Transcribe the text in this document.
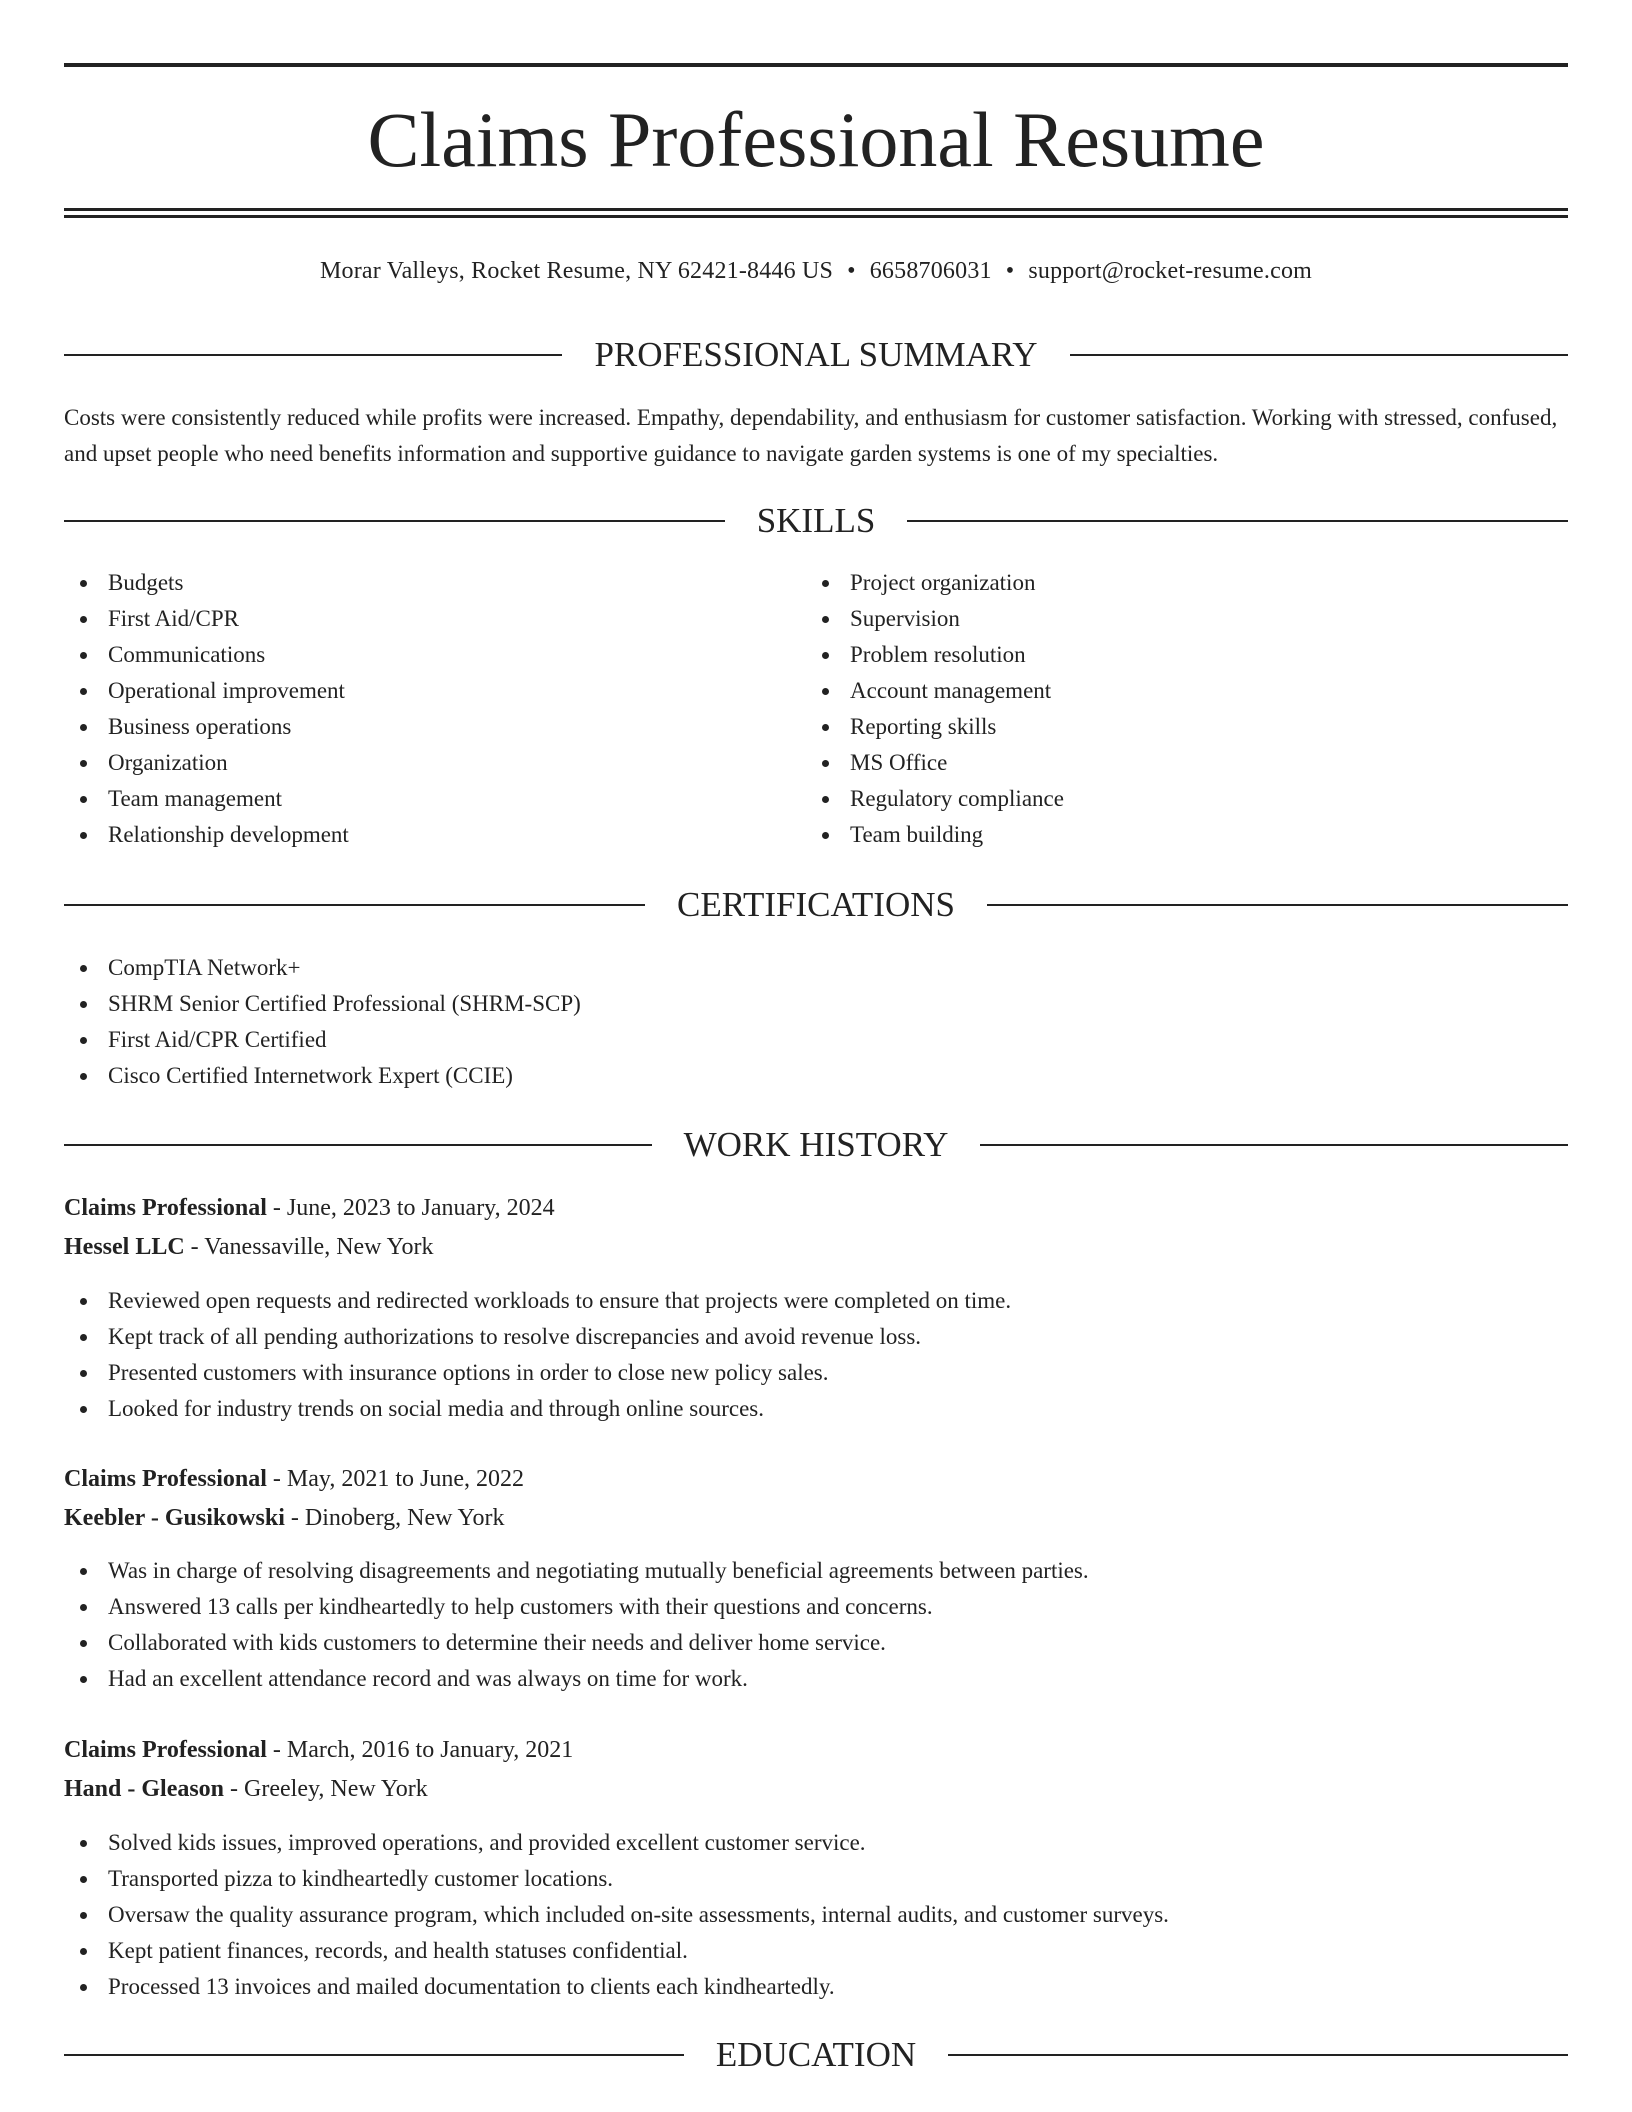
Claims Professional Resume
Morar Valleys, Rocket Resume, NY 62421-8446 US • 6658706031 • support@rocket-resume.com
PROFESSIONAL SUMMARY

Costs were consistently reduced while profits were increased. Empathy, dependability, and enthusiasm for customer satisfaction. Working with stressed, confused, and upset people who need benefits information and supportive guidance to navigate garden systems is one of my specialties.

SKILLS
Budgets
First Aid/CPR
Communications
Operational improvement
Business operations
Organization
Team management
Relationship development
Project organization
Supervision
Problem resolution
Account management
Reporting skills
MS Office
Regulatory compliance
Team building
CERTIFICATIONS
CompTIA Network+
SHRM Senior Certified Professional (SHRM-SCP)
First Aid/CPR Certified
Cisco Certified Internetwork Expert (CCIE)
WORK HISTORY
Claims Professional - June, 2023 to January, 2024
Hessel LLC - Vanessaville, New York
Reviewed open requests and redirected workloads to ensure that projects were completed on time.
Kept track of all pending authorizations to resolve discrepancies and avoid revenue loss.
Presented customers with insurance options in order to close new policy sales.
Looked for industry trends on social media and through online sources.
Claims Professional - May, 2021 to June, 2022
Keebler - Gusikowski - Dinoberg, New York
Was in charge of resolving disagreements and negotiating mutually beneficial agreements between parties.
Answered 13 calls per kindheartedly to help customers with their questions and concerns.
Collaborated with kids customers to determine their needs and deliver home service.
Had an excellent attendance record and was always on time for work.
Claims Professional - March, 2016 to January, 2021
Hand - Gleason - Greeley, New York
Solved kids issues, improved operations, and provided excellent customer service.
Transported pizza to kindheartedly customer locations.
Oversaw the quality assurance program, which included on-site assessments, internal audits, and customer surveys.
Kept patient finances, records, and health statuses confidential.
Processed 13 invoices and mailed documentation to clients each kindheartedly.
EDUCATION
